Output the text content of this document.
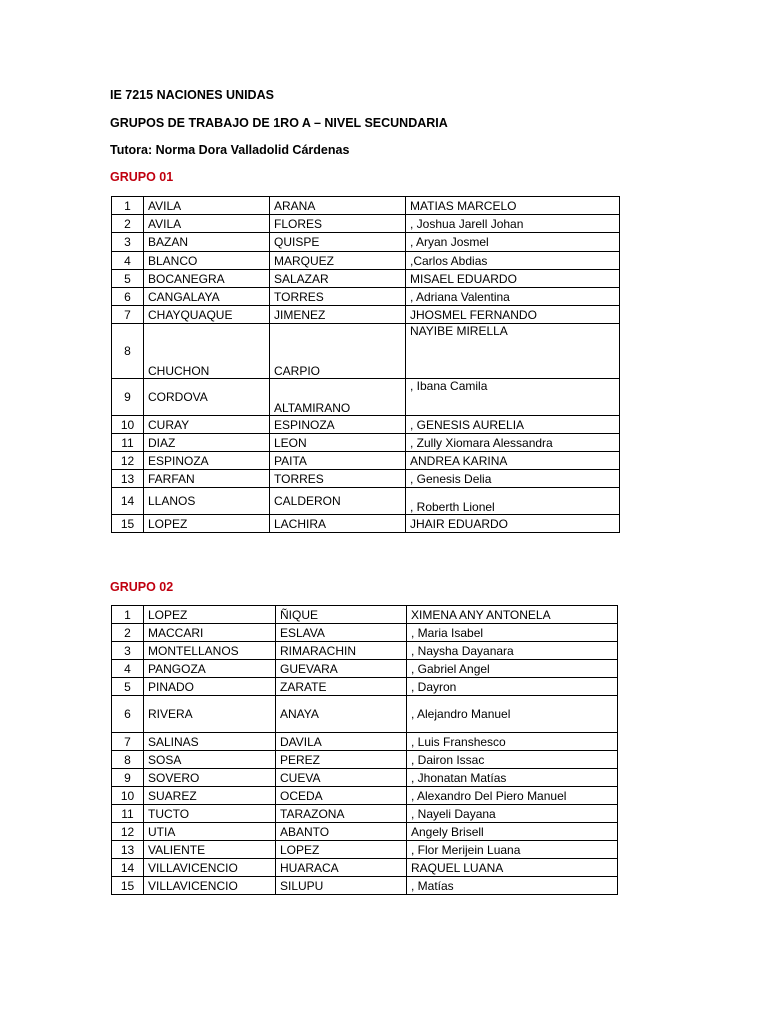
IE 7215 NACIONES UNIDAS
GRUPOS DE TRABAJO DE 1RO A – NIVEL SECUNDARIA
Tutora: Norma Dora Valladolid Cárdenas
GRUPO 01
1	AVILA	ARANA	MATIAS MARCELO
2	AVILA	FLORES	, Joshua Jarell Johan
3	BAZAN	QUISPE	, Aryan Josmel
4	BLANCO	MARQUEZ	,Carlos Abdias
5	BOCANEGRA	SALAZAR	MISAEL EDUARDO
6	CANGALAYA	TORRES	, Adriana Valentina
7	CHAYQUAQUE	JIMENEZ	JHOSMEL FERNANDO
8	CHUCHON	CARPIO	NAYIBE MIRELLA
9	CORDOVA	ALTAMIRANO	, Ibana Camila
10	CURAY	ESPINOZA	, GENESIS AURELIA
11	DIAZ	LEON	, Zully Xiomara Alessandra
12	ESPINOZA	PAITA	ANDREA KARINA
13	FARFAN	TORRES	, Genesis Delia
14	LLANOS	CALDERON	, Roberth Lionel
15	LOPEZ	LACHIRA	JHAIR EDUARDO
GRUPO 02
1	LOPEZ	ÑIQUE	XIMENA ANY ANTONELA
2	MACCARI	ESLAVA	, Maria Isabel
3	MONTELLANOS	RIMARACHIN	, Naysha Dayanara
4	PANGOZA	GUEVARA	, Gabriel Angel
5	PINADO	ZARATE	, Dayron
6	RIVERA	ANAYA	, Alejandro Manuel
7	SALINAS	DAVILA	, Luis Franshesco
8	SOSA	PEREZ	, Dairon Issac
9	SOVERO	CUEVA	, Jhonatan Matías
10	SUAREZ	OCEDA	, Alexandro Del Piero Manuel
11	TUCTO	TARAZONA	, Nayeli Dayana
12	UTIA	ABANTO	Angely Brisell
13	VALIENTE	LOPEZ	, Flor Merijein Luana
14	VILLAVICENCIO	HUARACA	RAQUEL LUANA
15	VILLAVICENCIO	SILUPU	, Matías
